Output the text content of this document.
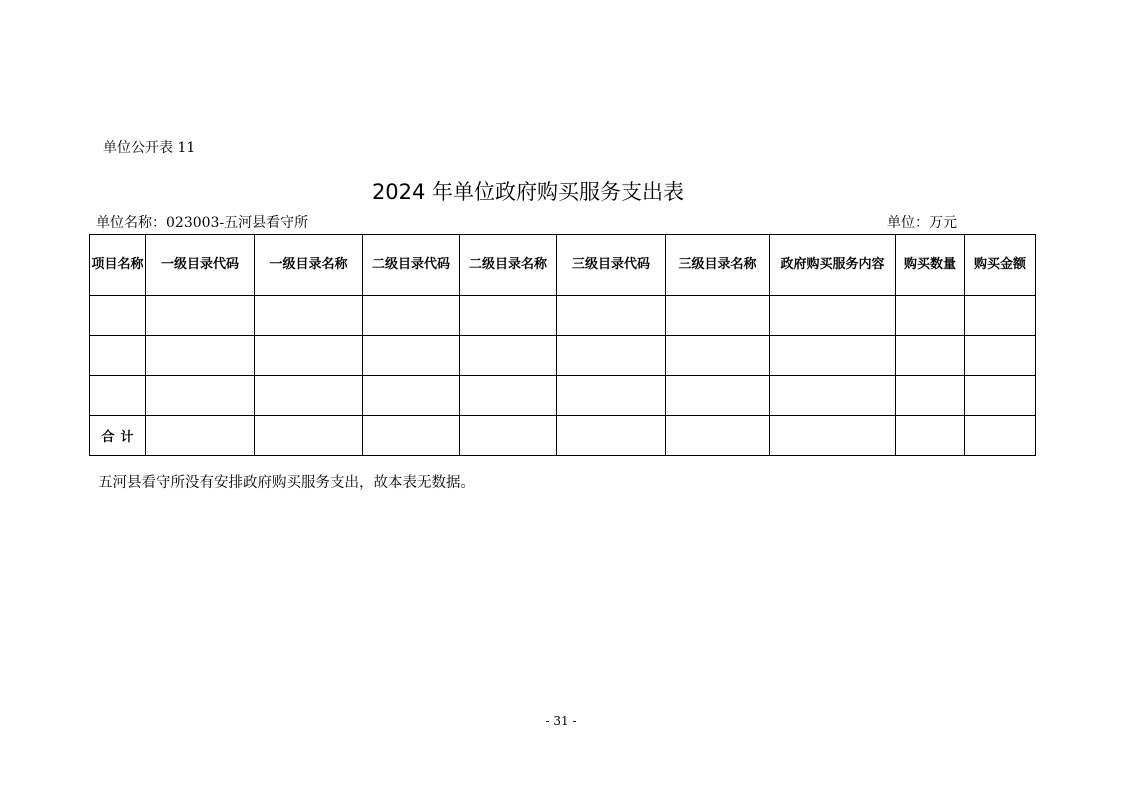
单位公开表 11
2024 年单位政府购买服务支出表
单位名称：023003-五河县看守所	单位：万元
项目名称	一级目录代码	一级目录名称	二级目录代码	二级目录名称	三级目录代码	三级目录名称	政府购买服务内容	购买数量	购买金额

合计									
五河县看守所没有安排政府购买服务支出，故本表无数据。
- 31 -
